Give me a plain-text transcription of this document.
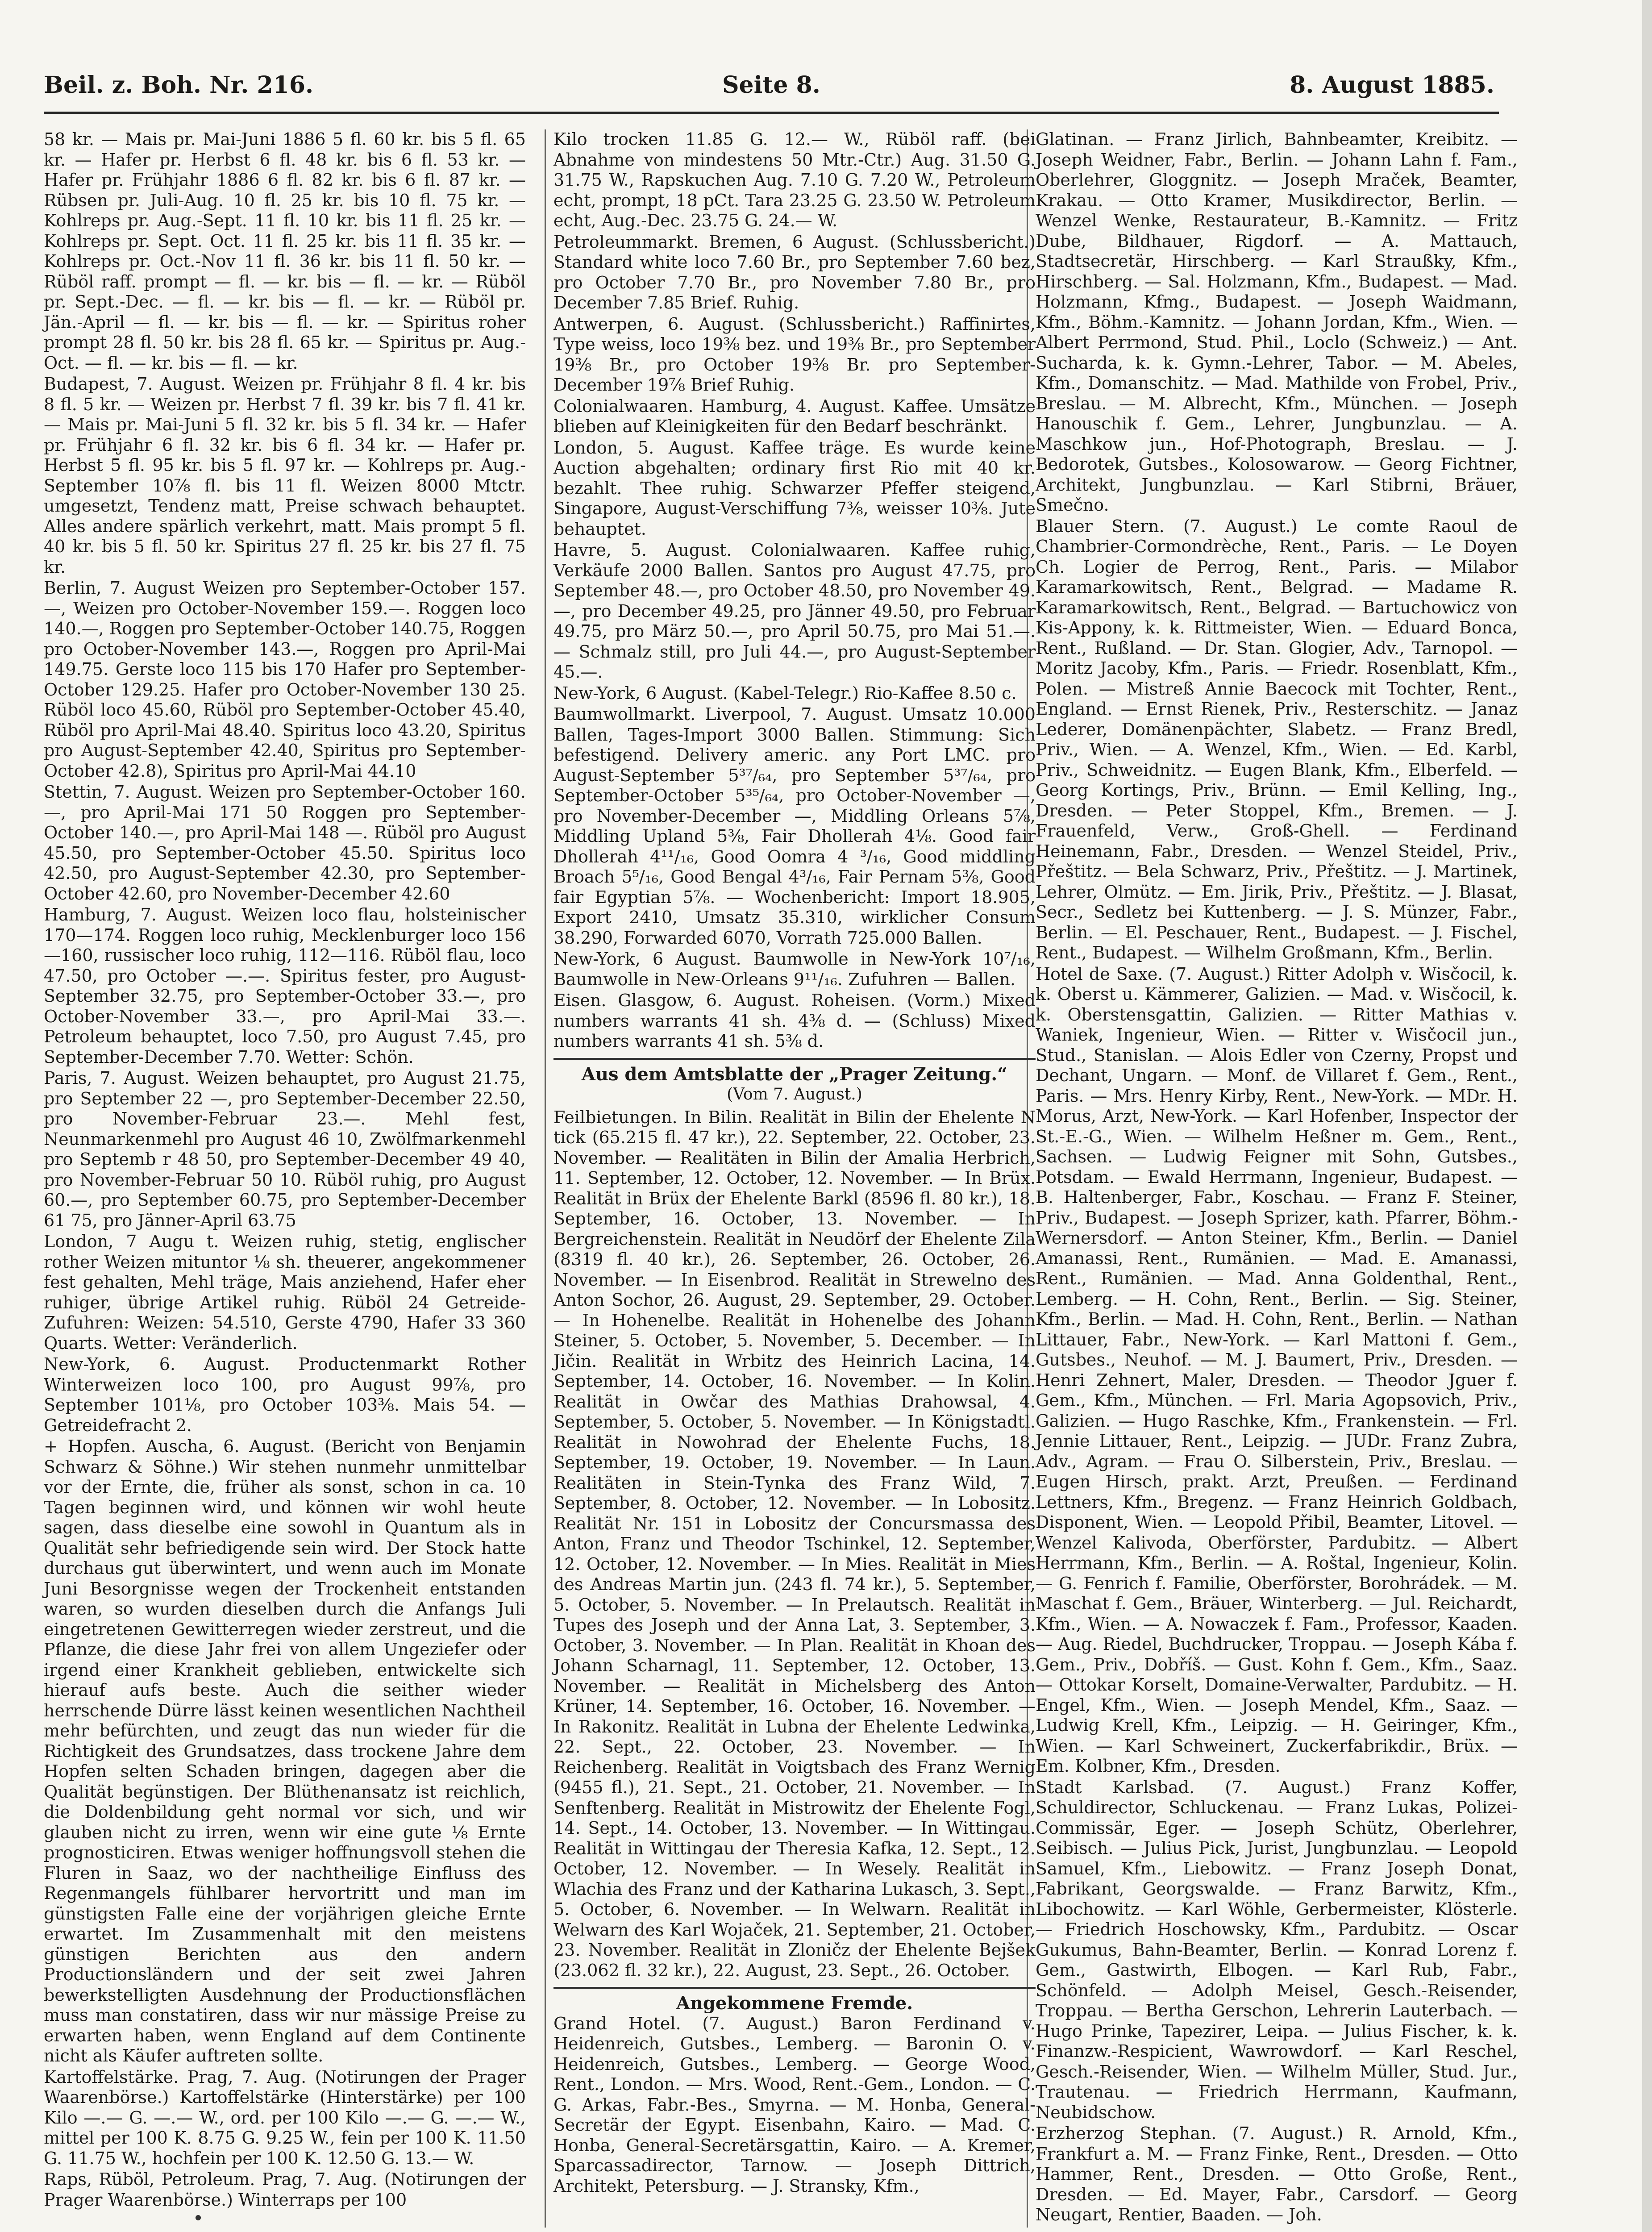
Beil. z. Boh. Nr. 216.	Seite 8.	8. August 1885.

58 kr. — Mais pr. Mai-Juni 1886 5 fl. 60 kr. bis 5 fl. 65 kr. — Hafer pr. Herbst 6 fl. 48 kr. bis 6 fl. 53 kr. — Hafer pr. Frühjahr 1886 6 fl. 82 kr. bis 6 fl. 87 kr. — Rübsen pr. Juli-Aug. 10 fl. 25 kr. bis 10 fl. 75 kr. — Kohlreps pr. Aug.-Sept. 11 fl. 10 kr. bis 11 fl. 25 kr. — Kohlreps pr. Sept. Oct. 11 fl. 25 kr. bis 11 fl. 35 kr. — Kohlreps pr. Oct.-Nov 11 fl. 36 kr. bis 11 fl. 50 kr. — Rüböl raff. prompt — fl. — kr. bis — fl. — kr. — Rüböl pr. Sept.-Dec. — fl. — kr. bis — fl. — kr. — Rüböl pr. Jän.-April — fl. — kr. bis — fl. — kr. — Spiritus roher prompt 28 fl. 50 kr. bis 28 fl. 65 kr. — Spiritus pr. Aug.-Oct. — fl. — kr. bis — fl. — kr.

Budapest, 7. August. Weizen pr. Frühjahr 8 fl. 4 kr. bis 8 fl. 5 kr. — Weizen pr. Herbst 7 fl. 39 kr. bis 7 fl. 41 kr. — Mais pr. Mai-Juni 5 fl. 32 kr. bis 5 fl. 34 kr. — Hafer pr. Frühjahr 6 fl. 32 kr. bis 6 fl. 34 kr. — Hafer pr. Herbst 5 fl. 95 kr. bis 5 fl. 97 kr. — Kohlreps pr. Aug.-September 10⅞ fl. bis 11 fl. Weizen 8000 Mtctr. umgesetzt, Tendenz matt, Preise schwach behauptet. Alles andere spärlich verkehrt, matt. Mais prompt 5 fl. 40 kr. bis 5 fl. 50 kr. Spiritus 27 fl. 25 kr. bis 27 fl. 75 kr.

Berlin, 7. August Weizen pro September-October 157.—, Weizen pro October-November 159.—. Roggen loco 140.—, Roggen pro September-October 140.75, Roggen pro October-November 143.—, Roggen pro April-Mai 149.75. Gerste loco 115 bis 170 Hafer pro September-October 129.25. Hafer pro October-November 130 25. Rüböl loco 45.60, Rüböl pro September-October 45.40, Rüböl pro April-Mai 48.40. Spiritus loco 43.20, Spiritus pro August-September 42.40, Spiritus pro September-October 42.8), Spiritus pro April-Mai 44.10

Stettin, 7. August. Weizen pro September-October 160.—, pro April-Mai 171 50 Roggen pro September-October 140.—, pro April-Mai 148 —. Rüböl pro August 45.50, pro September-October 45.50. Spiritus loco 42.50, pro August-September 42.30, pro September-October 42.60, pro November-December 42.60

Hamburg, 7. August. Weizen loco flau, holsteinischer 170—174. Roggen loco ruhig, Mecklenburger loco 156—160, russischer loco ruhig, 112—116. Rüböl flau, loco 47.50, pro October —.—. Spiritus fester, pro August-September 32.75, pro September-October 33.—, pro October-November 33.—, pro April-Mai 33.—. Petroleum behauptet, loco 7.50, pro August 7.45, pro September-December 7.70. Wetter: Schön.

Paris, 7. August. Weizen behauptet, pro August 21.75, pro September 22 —, pro September-December 22.50, pro November-Februar 23.—. Mehl fest, Neunmarkenmehl pro August 46 10, Zwölfmarkenmehl pro Septemb r 48 50, pro September-December 49 40, pro November-Februar 50 10. Rüböl ruhig, pro August 60.—, pro September 60.75, pro September-December 61 75, pro Jänner-April 63.75

London, 7 Augu t. Weizen ruhig, stetig, englischer rother Weizen mituntor ⅛ sh. theuerer, angekommener fest gehalten, Mehl träge, Mais anziehend, Hafer eher ruhiger, übrige Artikel ruhig. Rüböl 24 Getreide-Zufuhren: Weizen: 54.510, Gerste 4790, Hafer 33 360 Quarts. Wetter: Veränderlich.

New-York, 6. August. Productenmarkt Rother Winterweizen loco 100, pro August 99⅞, pro September 101⅛, pro October 103⅜. Mais 54. — Getreidefracht 2.

+ Hopfen. Auscha, 6. August. (Bericht von Benjamin Schwarz & Söhne.) Wir stehen nunmehr unmittelbar vor der Ernte, die, früher als sonst, schon in ca. 10 Tagen beginnen wird, und können wir wohl heute sagen, dass dieselbe eine sowohl in Quantum als in Qualität sehr befriedigende sein wird. Der Stock hatte durchaus gut überwintert, und wenn auch im Monate Juni Besorgnisse wegen der Trockenheit entstanden waren, so wurden dieselben durch die Anfangs Juli eingetretenen Gewitterregen wieder zerstreut, und die Pflanze, die diese Jahr frei von allem Ungeziefer oder irgend einer Krankheit geblieben, entwickelte sich hierauf aufs beste. Auch die seither wieder herrschende Dürre lässt keinen wesentlichen Nachtheil mehr befürchten, und zeugt das nun wieder für die Richtigkeit des Grundsatzes, dass trockene Jahre dem Hopfen selten Schaden bringen, dagegen aber die Qualität begünstigen. Der Blüthenansatz ist reichlich, die Doldenbildung geht normal vor sich, und wir glauben nicht zu irren, wenn wir eine gute ⅛ Ernte prognosticiren. Etwas weniger hoffnungsvoll stehen die Fluren in Saaz, wo der nachtheilige Einfluss des Regenmangels fühlbarer hervortritt und man im günstigsten Falle eine der vorjährigen gleiche Ernte erwartet. Im Zusammenhalt mit den meistens günstigen Berichten aus den andern Productionsländern und der seit zwei Jahren bewerkstelligten Ausdehnung der Productionsflächen muss man constatiren, dass wir nur mässige Preise zu erwarten haben, wenn England auf dem Continente nicht als Käufer auftreten sollte.

Kartoffelstärke. Prag, 7. Aug. (Notirungen der Prager Waarenbörse.) Kartoffelstärke (Hinterstärke) per 100 Kilo —.— G. —.— W., ord. per 100 Kilo —.— G. —.— W., mittel per 100 K. 8.75 G. 9.25 W., fein per 100 K. 11.50 G. 11.75 W., hochfein per 100 K. 12.50 G. 13.— W.

Raps, Rüböl, Petroleum. Prag, 7. Aug. (Notirungen der Prager Waarenbörse.) Winterraps per 100

Kilo trocken 11.85 G. 12.— W., Rüböl raff. (bei Abnahme von mindestens 50 Mtr.-Ctr.) Aug. 31.50 G. 31.75 W., Rapskuchen Aug. 7.10 G. 7.20 W., Petroleum echt, prompt, 18 pCt. Tara 23.25 G. 23.50 W. Petroleum echt, Aug.-Dec. 23.75 G. 24.— W.

Petroleummarkt. Bremen, 6 August. (Schlussbericht.) Standard white loco 7.60 Br., pro September 7.60 bez, pro October 7.70 Br., pro November 7.80 Br., pro December 7.85 Brief. Ruhig.

Antwerpen, 6. August. (Schlussbericht.) Raffinirtes, Type weiss, loco 19⅜ bez. und 19⅜ Br., pro September 19⅜ Br., pro October 19⅜ Br. pro September-December 19⅞ Brief Ruhig.

Colonialwaaren. Hamburg, 4. August. Kaffee. Umsätze blieben auf Kleinigkeiten für den Bedarf beschränkt.

London, 5. August. Kaffee träge. Es wurde keine Auction abgehalten; ordinary first Rio mit 40 kr. bezahlt. Thee ruhig. Schwarzer Pfeffer steigend, Singapore, August-Verschiffung 7⅜, weisser 10⅜. Jute behauptet.

Havre, 5. August. Colonialwaaren. Kaffee ruhig, Verkäufe 2000 Ballen. Santos pro August 47.75, pro September 48.—, pro October 48.50, pro November 49.—, pro December 49.25, pro Jänner 49.50, pro Februar 49.75, pro März 50.—, pro April 50.75, pro Mai 51.—. — Schmalz still, pro Juli 44.—, pro August-September 45.—.

New-York, 6 August. (Kabel-Telegr.) Rio-Kaffee 8.50 c.

Baumwollmarkt. Liverpool, 7. August. Umsatz 10.000 Ballen, Tages-Import 3000 Ballen. Stimmung: Sich befestigend. Delivery americ. any Port LMC. pro August-September 5³⁷/₆₄, pro September 5³⁷/₆₄, pro September-October 5³⁵/₆₄, pro October-November —, pro November-December —, Middling Orleans 5⅞, Middling Upland 5⅜, Fair Dhollerah 4⅛. Good fair Dhollerah 4¹¹/₁₆, Good Oomra 4 ³/₁₆, Good middling Broach 5⁵/₁₆, Good Bengal 4³/₁₆, Fair Pernam 5⅜, Good fair Egyptian 5⅞. — Wochenbericht: Import 18.905, Export 2410, Umsatz 35.310, wirklicher Consum 38.290, Forwarded 6070, Vorrath 725.000 Ballen.

New-York, 6 August. Baumwolle in New-York 10⁷/₁₆, Baumwolle in New-Orleans 9¹¹/₁₆. Zufuhren — Ballen.

Eisen. Glasgow, 6. August. Roheisen. (Vorm.) Mixed numbers warrants 41 sh. 4⅜ d. — (Schluss) Mixed numbers warrants 41 sh. 5⅜ d.

Aus dem Amtsblatte der „Prager Zeitung.“
(Vom 7. August.)

Feilbietungen. In Bilin. Realität in Bilin der Ehelente N tick (65.215 fl. 47 kr.), 22. September, 22. October, 23. November. — Realitäten in Bilin der Amalia Herbrich, 11. September, 12. October, 12. November. — In Brüx. Realität in Brüx der Ehelente Barkl (8596 fl. 80 kr.), 18. September, 16. October, 13. November. — In Bergreichenstein. Realität in Neudörf der Ehelente Zila (8319 fl. 40 kr.), 26. September, 26. October, 26. November. — In Eisenbrod. Realität in Strewelno des Anton Sochor, 26. August, 29. September, 29. October. — In Hohenelbe. Realität in Hohenelbe des Johann Steiner, 5. October, 5. November, 5. December. — In Jičin. Realität in Wrbitz des Heinrich Lacina, 14. September, 14. October, 16. November. — In Kolin. Realität in Owčar des Mathias Drahowsal, 4. September, 5. October, 5. November. — In Königstadtl. Realität in Nowohrad der Ehelente Fuchs, 18. September, 19. October, 19. November. — In Laun. Realitäten in Stein-Tynka des Franz Wild, 7. September, 8. October, 12. November. — In Lobositz. Realität Nr. 151 in Lobositz der Concursmassa des Anton, Franz und Theodor Tschinkel, 12. September, 12. October, 12. November. — In Mies. Realität in Mies des Andreas Martin jun. (243 fl. 74 kr.), 5. September, 5. October, 5. November. — In Prelautsch. Realität in Tupes des Joseph und der Anna Lat, 3. September, 3. October, 3. November. — In Plan. Realität in Khoan des Johann Scharnagl, 11. September, 12. October, 13. November. — Realität in Michelsberg des Anton Krüner, 14. September, 16. October, 16. November. — In Rakonitz. Realität in Lubna der Ehelente Ledwinka, 22. Sept., 22. October, 23. November. — In Reichenberg. Realität in Voigtsbach des Franz Wernig (9455 fl.), 21. Sept., 21. October, 21. November. — In Senftenberg. Realität in Mistrowitz der Ehelente Fogl, 14. Sept., 14. October, 13. November. — In Wittingau. Realität in Wittingau der Theresia Kafka, 12. Sept., 12. October, 12. November. — In Wesely. Realität in Wlachia des Franz und der Katharina Lukasch, 3. Sept., 5. October, 6. November. — In Welwarn. Realität in Welwarn des Karl Wojaček, 21. September, 21. October, 23. November. Realität in Zloničz der Ehelente Bejšek (23.062 fl. 32 kr.), 22. August, 23. Sept., 26. October.

Angekommene Fremde.

Grand Hotel. (7. August.) Baron Ferdinand v. Heidenreich, Gutsbes., Lemberg. — Baronin O. v. Heidenreich, Gutsbes., Lemberg. — George Wood, Rent., London. — Mrs. Wood, Rent.-Gem., London. — C. G. Arkas, Fabr.-Bes., Smyrna. — M. Honba, General-Secretär der Egypt. Eisenbahn, Kairo. — Mad. C. Honba, General-Secretärsgattin, Kairo. — A. Kremer, Sparcassadirector, Tarnow. — Joseph Dittrich, Architekt, Petersburg. — J. Stransky, Kfm.,

Glatinan. — Franz Jirlich, Bahnbeamter, Kreibitz. — Joseph Weidner, Fabr., Berlin. — Johann Lahn f. Fam., Oberlehrer, Gloggnitz. — Joseph Mraček, Beamter, Krakau. — Otto Kramer, Musikdirector, Berlin. — Wenzel Wenke, Restaurateur, B.-Kamnitz. — Fritz Dube, Bildhauer, Rigdorf. — A. Mattauch, Stadtsecretär, Hirschberg. — Karl Straußky, Kfm., Hirschberg. — Sal. Holzmann, Kfm., Budapest. — Mad. Holzmann, Kfmg., Budapest. — Joseph Waidmann, Kfm., Böhm.-Kamnitz. — Johann Jordan, Kfm., Wien. — Albert Perrmond, Stud. Phil., Loclo (Schweiz.) — Ant. Sucharda, k. k. Gymn.-Lehrer, Tabor. — M. Abeles, Kfm., Domanschitz. — Mad. Mathilde von Frobel, Priv., Breslau. — M. Albrecht, Kfm., München. — Joseph Hanouschik f. Gem., Lehrer, Jungbunzlau. — A. Maschkow jun., Hof-Photograph, Breslau. — J. Bedorotek, Gutsbes., Kolosowarow. — Georg Fichtner, Architekt, Jungbunzlau. — Karl Stibrni, Bräuer, Smečno.

Blauer Stern. (7. August.) Le comte Raoul de Chambrier-Cormondrèche, Rent., Paris. — Le Doyen Ch. Logier de Perrog, Rent., Paris. — Milabor Karamarkowitsch, Rent., Belgrad. — Madame R. Karamarkowitsch, Rent., Belgrad. — Bartuchowicz von Kis-Appony, k. k. Rittmeister, Wien. — Eduard Bonca, Rent., Rußland. — Dr. Stan. Glogier, Adv., Tarnopol. — Moritz Jacoby, Kfm., Paris. — Friedr. Rosenblatt, Kfm., Polen. — Mistreß Annie Baecock mit Tochter, Rent., England. — Ernst Rienek, Priv., Resterschitz. — Janaz Lederer, Domänenpächter, Slabetz. — Franz Bredl, Priv., Wien. — A. Wenzel, Kfm., Wien. — Ed. Karbl, Priv., Schweidnitz. — Eugen Blank, Kfm., Elberfeld. — Georg Kortings, Priv., Brünn. — Emil Kelling, Ing., Dresden. — Peter Stoppel, Kfm., Bremen. — J. Frauenfeld, Verw., Groß-Ghell. — Ferdinand Heinemann, Fabr., Dresden. — Wenzel Steidel, Priv., Přeštitz. — Bela Schwarz, Priv., Přeštitz. — J. Martinek, Lehrer, Olmütz. — Em. Jirik, Priv., Přeštitz. — J. Blasat, Secr., Sedletz bei Kuttenberg. — J. S. Münzer, Fabr., Berlin. — El. Peschauer, Rent., Budapest. — J. Fischel, Rent., Budapest. — Wilhelm Großmann, Kfm., Berlin.

Hotel de Saxe. (7. August.) Ritter Adolph v. Wisčocil, k. k. Oberst u. Kämmerer, Galizien. — Mad. v. Wisčocil, k. k. Oberstensgattin, Galizien. — Ritter Mathias v. Waniek, Ingenieur, Wien. — Ritter v. Wisčocil jun., Stud., Stanislan. — Alois Edler von Czerny, Propst und Dechant, Ungarn. — Monf. de Villaret f. Gem., Rent., Paris. — Mrs. Henry Kirby, Rent., New-York. — MDr. H. Morus, Arzt, New-York. — Karl Hofenber, Inspector der St.-E.-G., Wien. — Wilhelm Heßner m. Gem., Rent., Sachsen. — Ludwig Feigner mit Sohn, Gutsbes., Potsdam. — Ewald Herrmann, Ingenieur, Budapest. — B. Haltenberger, Fabr., Koschau. — Franz F. Steiner, Priv., Budapest. — Joseph Sprizer, kath. Pfarrer, Böhm.-Wernersdorf. — Anton Steiner, Kfm., Berlin. — Daniel Amanassi, Rent., Rumänien. — Mad. E. Amanassi, Rent., Rumänien. — Mad. Anna Goldenthal, Rent., Lemberg. — H. Cohn, Rent., Berlin. — Sig. Steiner, Kfm., Berlin. — Mad. H. Cohn, Rent., Berlin. — Nathan Littauer, Fabr., New-York. — Karl Mattoni f. Gem., Gutsbes., Neuhof. — M. J. Baumert, Priv., Dresden. — Henri Zehnert, Maler, Dresden. — Theodor Jguer f. Gem., Kfm., München. — Frl. Maria Agopsovich, Priv., Galizien. — Hugo Raschke, Kfm., Frankenstein. — Frl. Jennie Littauer, Rent., Leipzig. — JUDr. Franz Zubra, Adv., Agram. — Frau O. Silberstein, Priv., Breslau. — Eugen Hirsch, prakt. Arzt, Preußen. — Ferdinand Lettners, Kfm., Bregenz. — Franz Heinrich Goldbach, Disponent, Wien. — Leopold Přibil, Beamter, Litovel. — Wenzel Kalivoda, Oberförster, Pardubitz. — Albert Herrmann, Kfm., Berlin. — A. Roštal, Ingenieur, Kolin. — G. Fenrich f. Familie, Oberförster, Borohrádek. — M. Maschat f. Gem., Bräuer, Winterberg. — Jul. Reichardt, Kfm., Wien. — A. Nowaczek f. Fam., Professor, Kaaden. — Aug. Riedel, Buchdrucker, Troppau. — Joseph Kába f. Gem., Priv., Dobříš. — Gust. Kohn f. Gem., Kfm., Saaz. — Ottokar Korselt, Domaine-Verwalter, Pardubitz. — H. Engel, Kfm., Wien. — Joseph Mendel, Kfm., Saaz. — Ludwig Krell, Kfm., Leipzig. — H. Geiringer, Kfm., Wien. — Karl Schweinert, Zuckerfabrikdir., Brüx. — Em. Kolbner, Kfm., Dresden.

Stadt Karlsbad. (7. August.) Franz Koffer, Schuldirector, Schluckenau. — Franz Lukas, Polizei-Commissär, Eger. — Joseph Schütz, Oberlehrer, Seibisch. — Julius Pick, Jurist, Jungbunzlau. — Leopold Samuel, Kfm., Liebowitz. — Franz Joseph Donat, Fabrikant, Georgswalde. — Franz Barwitz, Kfm., Libochowitz. — Karl Wöhle, Gerbermeister, Klösterle. — Friedrich Hoschowsky, Kfm., Pardubitz. — Oscar Gukumus, Bahn-Beamter, Berlin. — Konrad Lorenz f. Gem., Gastwirth, Elbogen. — Karl Rub, Fabr., Schönfeld. — Adolph Meisel, Gesch.-Reisender, Troppau. — Bertha Gerschon, Lehrerin Lauterbach. — Hugo Prinke, Tapezirer, Leipa. — Julius Fischer, k. k. Finanzw.-Respicient, Wawrowdorf. — Karl Reschel, Gesch.-Reisender, Wien. — Wilhelm Müller, Stud. Jur., Trautenau. — Friedrich Herrmann, Kaufmann, Neubidschow.

Erzherzog Stephan. (7. August.) R. Arnold, Kfm., Frankfurt a. M. — Franz Finke, Rent., Dresden. — Otto Hammer, Rent., Dresden. — Otto Große, Rent., Dresden. — Ed. Mayer, Fabr., Carsdorf. — Georg Neugart, Rentier, Baaden. — Joh.
